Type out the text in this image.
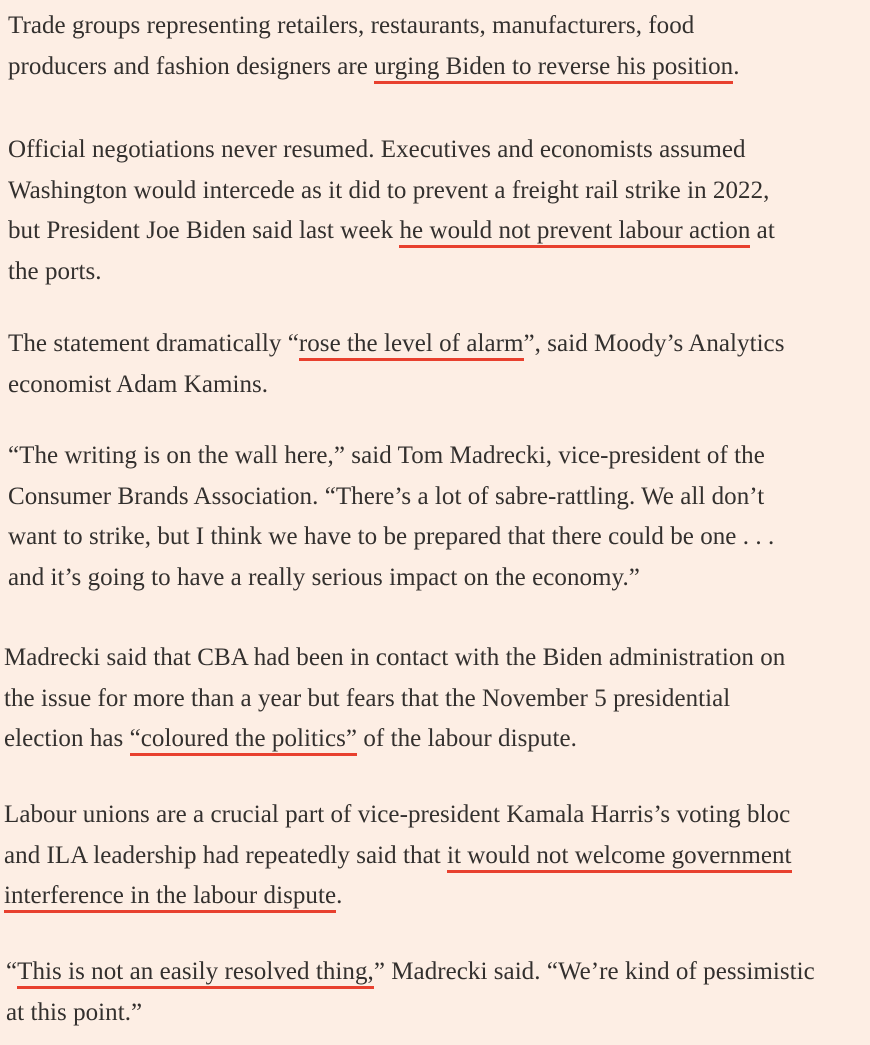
Trade groups representing retailers, restaurants, manufacturers, food
producers and fashion designers are urging Biden to reverse his position.

Official negotiations never resumed. Executives and economists assumed
Washington would intercede as it did to prevent a freight rail strike in 2022,
but President Joe Biden said last week he would not prevent labour action at
the ports.

The statement dramatically “rose the level of alarm”, said Moody’s Analytics
economist Adam Kamins.

“The writing is on the wall here,” said Tom Madrecki, vice-president of the
Consumer Brands Association. “There’s a lot of sabre-rattling. We all don’t
want to strike, but I think we have to be prepared that there could be one . . .
and it’s going to have a really serious impact on the economy.”

Madrecki said that CBA had been in contact with the Biden administration on
the issue for more than a year but fears that the November 5 presidential
election has “coloured the politics” of the labour dispute.

Labour unions are a crucial part of vice-president Kamala Harris’s voting bloc
and ILA leadership had repeatedly said that it would not welcome government
interference in the labour dispute.

“This is not an easily resolved thing,” Madrecki said. “We’re kind of pessimistic
at this point.”
